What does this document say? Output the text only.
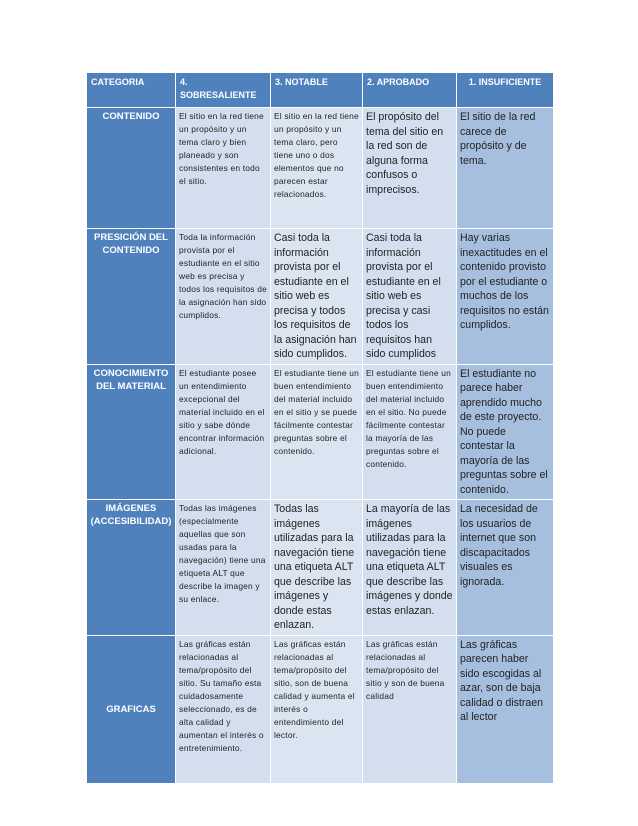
CATEGORIA	4. SOBRESALIENTE	3. NOTABLE	2. APROBADO	1. INSUFICIENTE
CONTENIDO	El sitio en la red tiene un propósito y un tema claro y bien planeado y son consistentes en todo el sitio.	El sitio en la red tiene un propósito y un tema claro, pero tiene uno o dos elementos que no parecen estar relacionados.	El propósito del tema del sitio en la red son de alguna forma confusos o imprecisos.	El sitio de la red carece de propósito y de tema.
PRESICIÓN DEL CONTENIDO	Toda la información provista por el estudiante en el sitio web es precisa y todos los requisitos de la asignación han sido cumplidos.	Casi toda la información provista por el estudiante en el sitio web es precisa y todos los requisitos de la asignación han sido cumplidos.	Casi toda la información provista por el estudiante en el sitio web es precisa y casi todos los requisitos han sido cumplidos	Hay varias inexactitudes en el contenido provisto por el estudiante o muchos de los requisitos no están cumplidos.
CONOCIMIENTO DEL MATERIAL	El estudiante posee un entendimiento excepcional del material incluido en el sitio y sabe dónde encontrar información adicional.	El estudiante tiene un buen entendimiento del material incluido en el sitio y se puede fácilmente contestar preguntas sobre el contenido.	El estudiante tiene un buen entendimiento del material incluido en el sitio. No puede fácilmente contestar la mayoría de las preguntas sobre el contenido.	El estudiante no parece haber aprendido mucho de este proyecto. No puede contestar la mayoría de las preguntas sobre el contenido.
IMÁGENES (ACCESIBILIDAD)	Todas las imágenes (especialmente aquellas que son usadas para la navegación) tiene una etiqueta ALT que describe la imagen y su enlace.	Todas las imágenes utilizadas para la navegación tiene una etiqueta ALT que describe las imágenes y donde estas enlazan.	La mayoría de las imágenes utilizadas para la navegación tiene una etiqueta ALT que describe las imágenes y donde estas enlazan.	La necesidad de los usuarios de internet que son discapacitados visuales es ignorada.
GRAFICAS	Las gráficas están relacionadas al tema/propósito del sitio. Su tamaño esta cuidadosamente seleccionado, es de alta calidad y aumentan el interés o entretenimiento.	Las gráficas están relacionadas al tema/propósito del sitio, son de buena calidad y aumenta el interés o entendimiento del lector.	Las gráficas están relacionadas al tema/propósito del sitio y son de buena calidad	Las gráficas parecen haber sido escogidas al azar, son de baja calidad o distraen al lector
